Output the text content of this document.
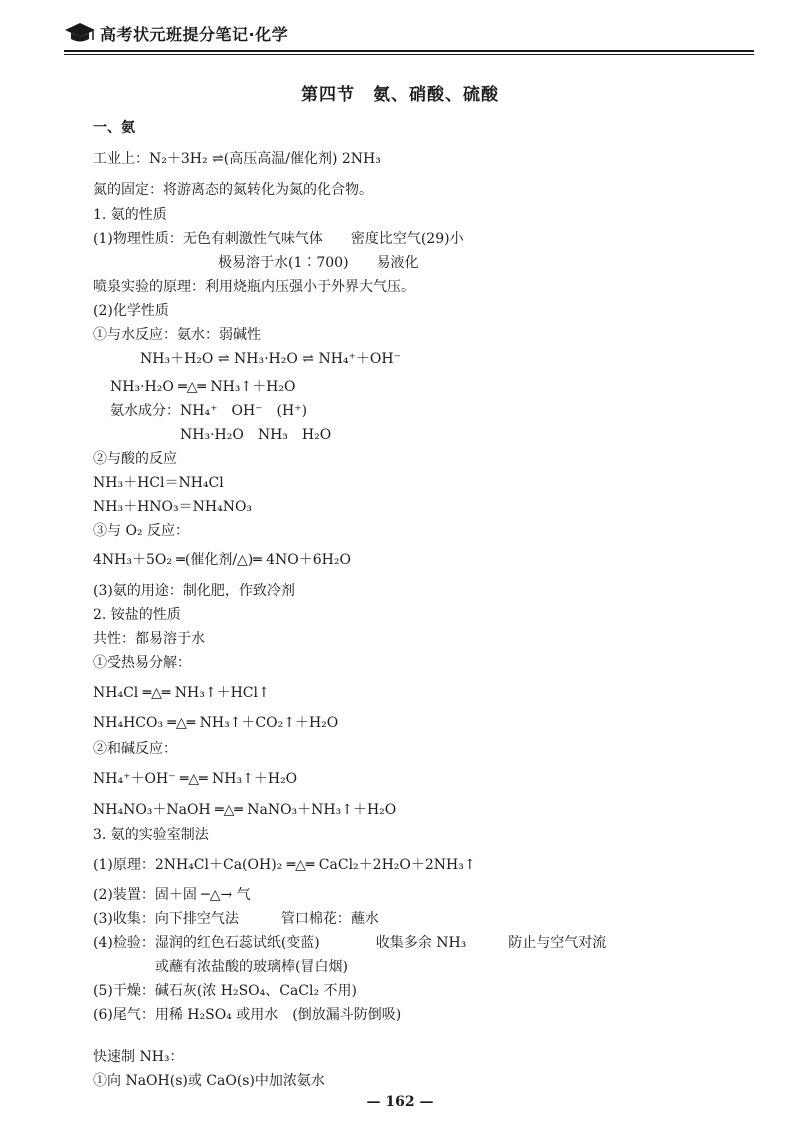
高考状元班提分笔记·化学
第四节　氨、硝酸、硫酸
一、氨
工业上：N₂＋3H₂ ⇌(高压高温/催化剂) 2NH₃
氮的固定：将游离态的氮转化为氮的化合物。
1. 氨的性质
(1)物理性质：无色有刺激性气味气体　　密度比空气(29)小
极易溶于水(1∶700)　　易液化
喷泉实验的原理：利用烧瓶内压强小于外界大气压。
(2)化学性质
①与水反应：氨水：弱碱性
NH₃＋H₂O ⇌ NH₃·H₂O ⇌ NH₄⁺＋OH⁻
NH₃·H₂O ═△═ NH₃↑＋H₂O
氨水成分：NH₄⁺　OH⁻　(H⁺)
NH₃·H₂O　NH₃　H₂O
②与酸的反应
NH₃＋HCl＝NH₄Cl
NH₃＋HNO₃＝NH₄NO₃
③与 O₂ 反应：
4NH₃＋5O₂ ═(催化剂/△)═ 4NO＋6H₂O
(3)氨的用途：制化肥，作致冷剂
2. 铵盐的性质
共性：都易溶于水
①受热易分解：
NH₄Cl ═△═ NH₃↑＋HCl↑
NH₄HCO₃ ═△═ NH₃↑＋CO₂↑＋H₂O
②和碱反应：
NH₄⁺＋OH⁻ ═△═ NH₃↑＋H₂O
NH₄NO₃＋NaOH ═△═ NaNO₃＋NH₃↑＋H₂O
3. 氨的实验室制法
(1)原理：2NH₄Cl＋Ca(OH)₂ ═△═ CaCl₂＋2H₂O＋2NH₃↑
(2)装置：固＋固 ─△→ 气
(3)收集：向下排空气法　　　管口棉花：蘸水
(4)检验：湿润的红色石蕊试纸(变蓝)　　　　收集多余 NH₃　　　防止与空气对流
或蘸有浓盐酸的玻璃棒(冒白烟)
(5)干燥：碱石灰(浓 H₂SO₄、CaCl₂ 不用)
(6)尾气：用稀 H₂SO₄ 或用水　(倒放漏斗防倒吸)
快速制 NH₃：
①向 NaOH(s)或 CaO(s)中加浓氨水
— 162 —
